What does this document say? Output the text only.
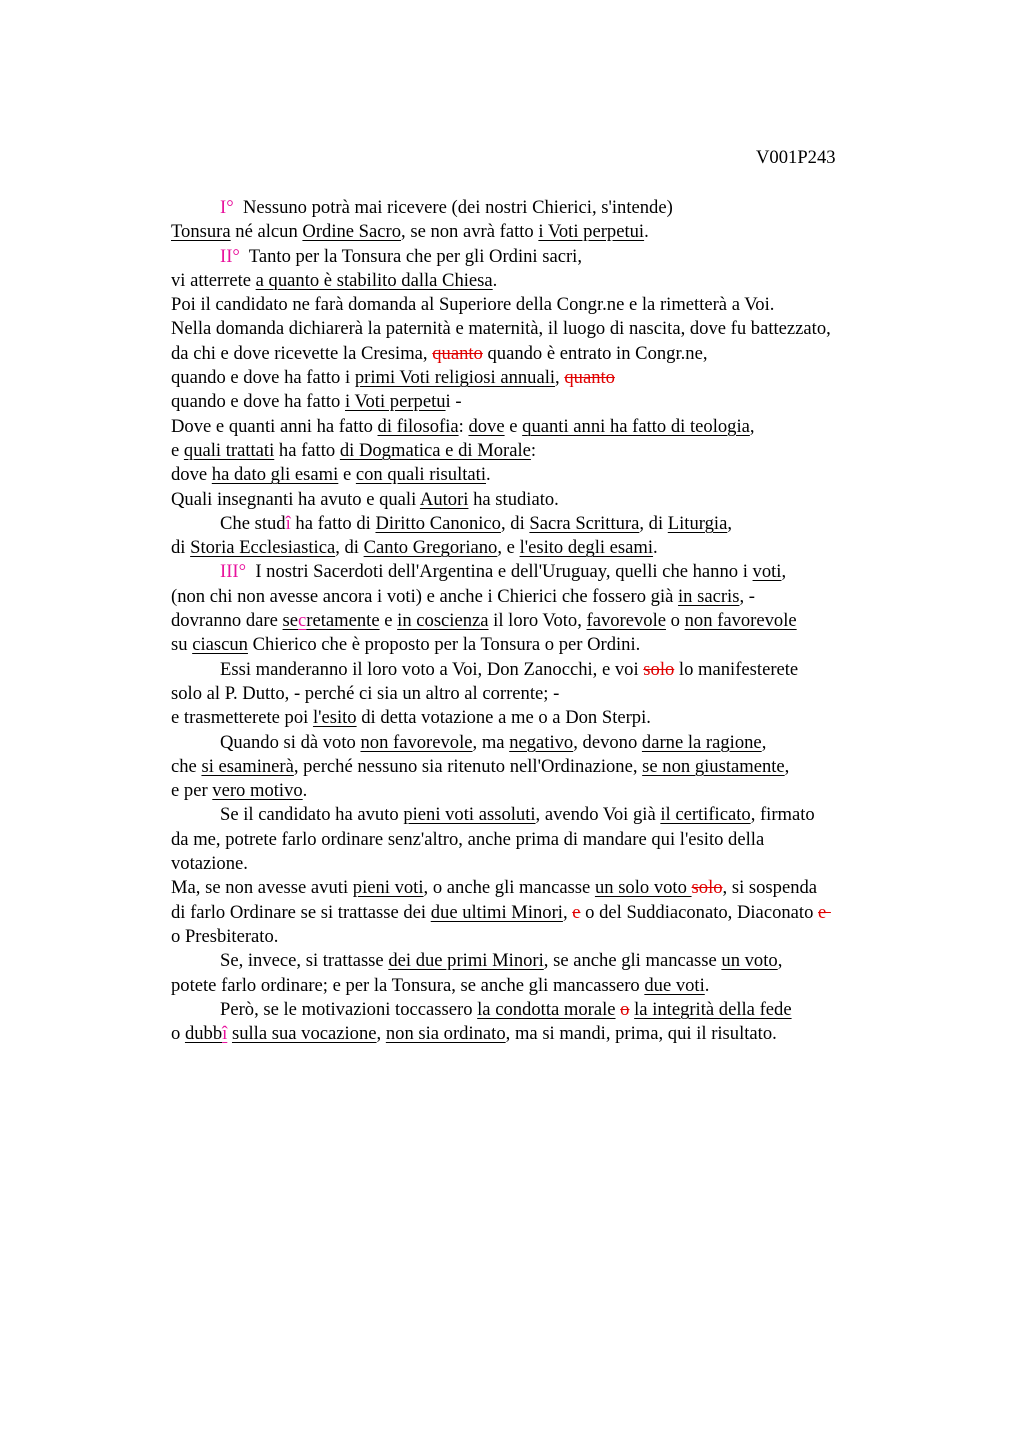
V001P243
I°  Nessuno potrà mai ricevere (dei nostri Chierici, s'intende)
Tonsura né alcun Ordine Sacro, se non avrà fatto i Voti perpetui.
II°  Tanto per la Tonsura che per gli Ordini sacri,
vi atterrete a quanto è stabilito dalla Chiesa.
Poi il candidato ne farà domanda al Superiore della Congr.ne e la rimetterà a Voi.
Nella domanda dichiarerà la paternità e maternità, il luogo di nascita, dove fu battezzato,
da chi e dove ricevette la Cresima, quanto quando è entrato in Congr.ne,
quando e dove ha fatto i primi Voti religiosi annuali, quanto
quando e dove ha fatto i Voti perpetui -
Dove e quanti anni ha fatto di filosofia: dove e quanti anni ha fatto di teologia,
e quali trattati ha fatto di Dogmatica e di Morale:
dove ha dato gli esami e con quali risultati.
Quali insegnanti ha avuto e quali Autori ha studiato.
Che studî ha fatto di Diritto Canonico, di Sacra Scrittura, di Liturgia,
di Storia Ecclesiastica, di Canto Gregoriano, e l'esito degli esami.
III°  I nostri Sacerdoti dell'Argentina e dell'Uruguay, quelli che hanno i voti,
(non chi non avesse ancora i voti) e anche i Chierici che fossero già in sacris, -
dovranno dare secretamente e in coscienza il loro Voto, favorevole o non favorevole
su ciascun Chierico che è proposto per la Tonsura o per Ordini.
Essi manderanno il loro voto a Voi, Don Zanocchi, e voi solo lo manifesterete
solo al P. Dutto, - perché ci sia un altro al corrente; -
e trasmetterete poi l'esito di detta votazione a me o a Don Sterpi.
Quando si dà voto non favorevole, ma negativo, devono darne la ragione,
che si esaminerà, perché nessuno sia ritenuto nell'Ordinazione, se non giustamente,
e per vero motivo.
Se il candidato ha avuto pieni voti assoluti, avendo Voi già il certificato, firmato
da me, potrete farlo ordinare senz'altro, anche prima di mandare qui l'esito della
votazione.
Ma, se non avesse avuti pieni voti, o anche gli mancasse un solo voto solo, si sospenda
di farlo Ordinare se si trattasse dei due ultimi Minori, e o del Suddiaconato, Diaconato e
o Presbiterato.
Se, invece, si trattasse dei due primi Minori, se anche gli mancasse un voto,
potete farlo ordinare; e per la Tonsura, se anche gli mancassero due voti.
Però, se le motivazioni toccassero la condotta morale o la integrità della fede
o dubbî sulla sua vocazione, non sia ordinato, ma si mandi, prima, qui il risultato.
